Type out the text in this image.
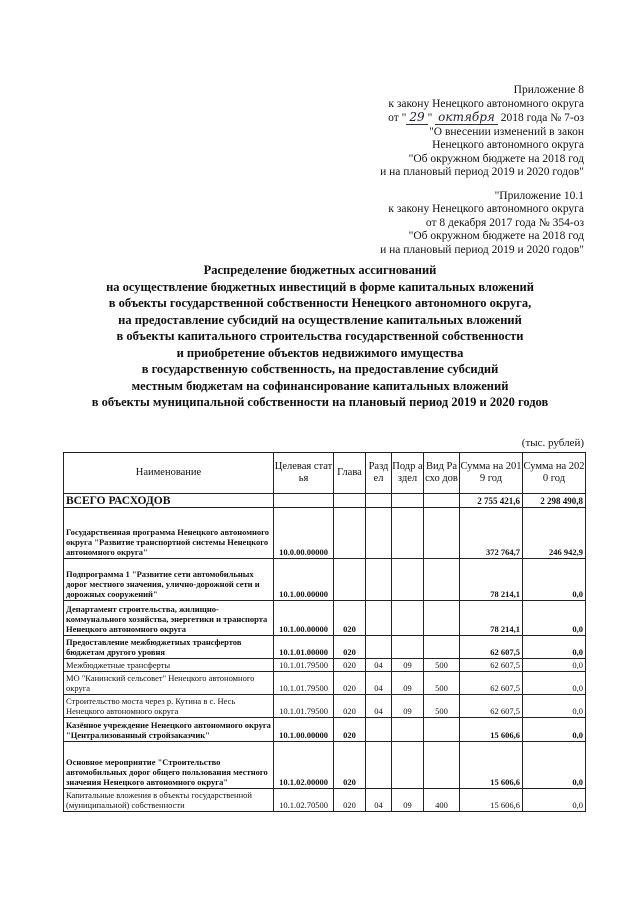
Приложение 8
к закону Ненецкого автономного округа
от " 29 " октября 2018 года № 7-оз
"О внесении изменений в закон
Ненецкого автономного округа
"Об окружном бюджете на 2018 год
и на плановый период 2019 и 2020 годов"
"Приложение 10.1
к закону Ненецкого автономного округа
от 8 декабря 2017 года № 354-оз
"Об окружном бюджете на 2018 год
и на плановый период 2019 и 2020 годов"
Распределение бюджетных ассигнований
на осуществление бюджетных инвестиций в форме капитальных вложений
в объекты государственной собственности Ненецкого автономного округа,
на предоставление субсидий на осуществление капитальных вложений
в объекты капитального строительства государственной собственности
и приобретение объектов недвижимого имущества
в государственную собственность, на предоставление субсидий
местным бюджетам на софинансирование капитальных вложений
в объекты муниципальной собственности на плановый период 2019 и 2020 годов
(тыс. рублей)
Наименование	Целевая статья	Глава	Разд ел	Подр аздел	Вид Расхо дов	Сумма на 2019 год	Сумма на 2020 год
ВСЕГО РАСХОДОВ						2 755 421,6	2 298 490,8
Государственная программа Ненецкого автономного округа "Развитие транспортной системы Ненецкого автономного округа"	10.0.00.00000					372 764,7	246 942,9
Подпрограмма 1 "Развитие сети автомобильных дорог местного значения, улично-дорожной сети и дорожных сооружений"	10.1.00.00000					78 214,1	0,0
Департамент строительства, жилищно-коммунального хозяйства, энергетики и транспорта Ненецкого автономного округа	10.1.00.00000	020				78 214,1	0,0
Предоставление межбюджетных трансфертов бюджетам другого уровня	10.1.01.00000	020				62 607,5	0,0
Межбюджетные трансферты	10.1.01.79500	020	04	09	500	62 607,5	0,0
МО "Канинский сельсовет" Ненецкого автономного округа	10.1.01.79500	020	04	09	500	62 607,5	0,0
Строительство моста через р. Кутина в с. Несь Ненецкого автономного округа	10.1.01.79500	020	04	09	500	62 607,5	0,0
Казённое учреждение Ненецкого автономного округа "Централизованный стройзаказчик"	10.1.00.00000	020				15 606,6	0,0
Основное мероприятие "Строительство автомобильных дорог общего пользования местного значения Ненецкого автономного округа"	10.1.02.00000	020				15 606,6	0,0
Капитальные вложения в объекты государственной (муниципальной) собственности	10.1.02.70500	020	04	09	400	15 606,6	0,0
